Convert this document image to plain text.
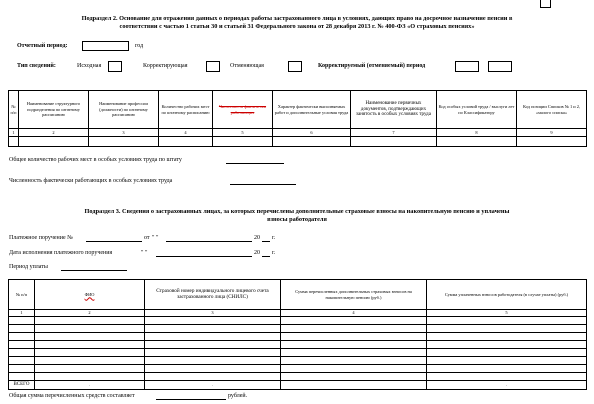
Подраздел 2. Основание для отражения данных о периодах работы застрахованного лица в условиях, дающих право на досрочное назначение пенсии в
соответствии с частью 1 статьи 30 и статьей 31 Федерального закона от 28 декабря 2013 г. № 400-ФЗ «О страховых пенсиях»
Отчетный период:	год
Тип сведений:	Исходная	Корректирующая	Отменяющая	Корректируемый (отменяемый) период
№ п/п	Наименование структурного подразделения по штатному расписанию	Наименование профессии (должности) по штатному расписанию	Количество рабочих мест по штатному расписанию	Численность фактически работающих	Характер фактически выполняемых работ и дополнительные условия труда	Наименование первичных документов, подтверждающих занятость в особых условиях труда	Код особых условий труда / выслуги лет по Классификатору	Код позиции Списков № 1 и 2, «малого списка»
1	2	3	4	5	6	7	8	9

Общее количество рабочих мест в особых условиях труда по штату
Численность фактически работающих в особых условиях труда
Подраздел 3. Сведения о застрахованных лицах, за которых перечислены дополнительные страховые взносы на накопительную пенсию и уплачены
взносы работодателя
Платежное поручение №	от " "	20 г.
Дата исполнения платежного поручения	" "	20 г.
Период уплаты
№ п/п	ФИО	Страховой номер индивидуального лицевого счета застрахованного лица (СНИЛС)	Сумма перечисленных дополнительных страховых взносов на накопительную пенсию (руб.)	Сумма уплаченных взносов работодателя (в случае уплаты) (руб.)
1	2	3	4	5

ВСЕГО	.	.		.
Общая сумма перечисленных средств составляет	рублей.
